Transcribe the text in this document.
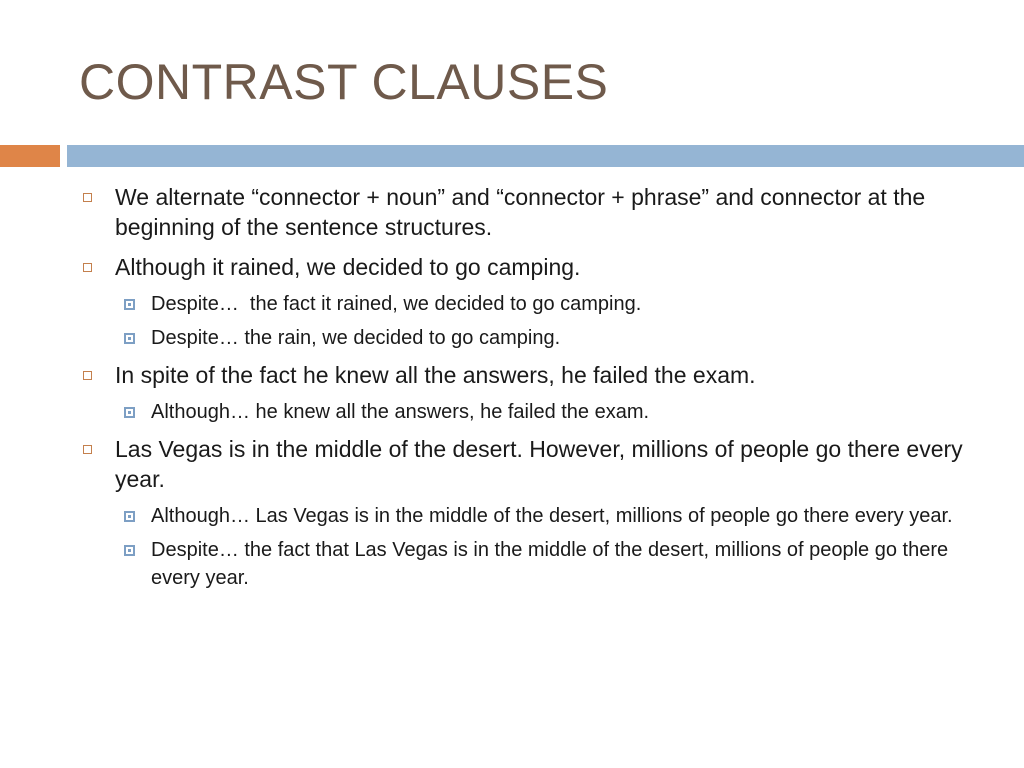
CONTRAST CLAUSES
We alternate “connector + noun” and “connector + phrase” and connector at the beginning of the sentence structures.
Although it rained, we decided to go camping.
Despite…  the fact it rained, we decided to go camping.
Despite… the rain, we decided to go camping.
In spite of the fact he knew all the answers, he failed the exam.
Although… he knew all the answers, he failed the exam.
Las Vegas is in the middle of the desert. However, millions of people go there every year.
Although… Las Vegas is in the middle of the desert, millions of people go there every year.
Despite… the fact that Las Vegas is in the middle of the desert, millions of people go there every year.
